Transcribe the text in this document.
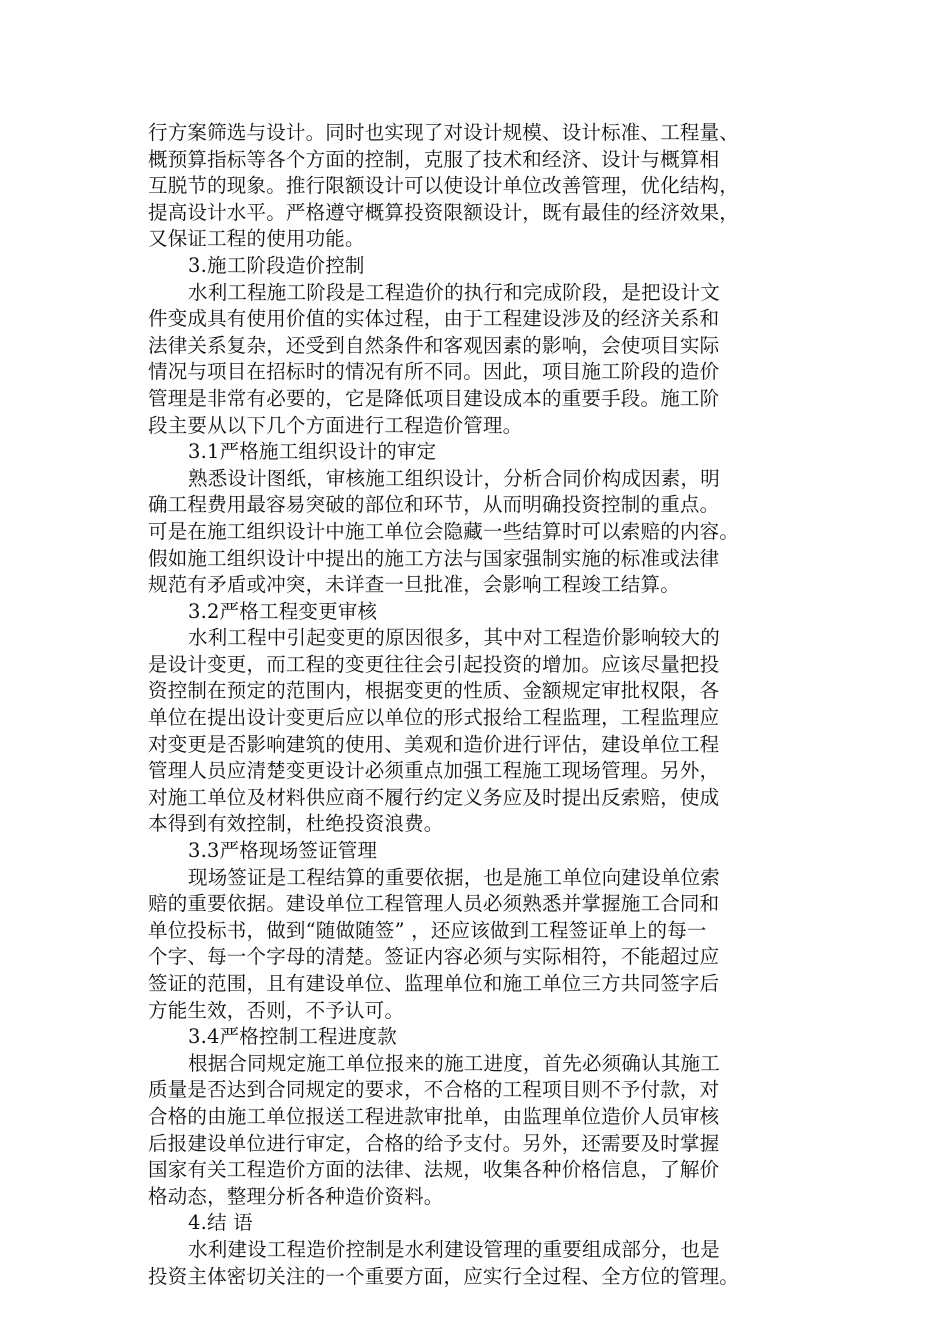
行方案筛选与设计。同时也实现了对设计规模、设计标准、工程量、
概预算指标等各个方面的控制，克服了技术和经济、设计与概算相
互脱节的现象。推行限额设计可以使设计单位改善管理，优化结构，
提高设计水平。严格遵守概算投资限额设计，既有最佳的经济效果，
又保证工程的使用功能。
3.施工阶段造价控制
水利工程施工阶段是工程造价的执行和完成阶段，是把设计文
件变成具有使用价值的实体过程，由于工程建设涉及的经济关系和
法律关系复杂，还受到自然条件和客观因素的影响，会使项目实际
情况与项目在招标时的情况有所不同。因此，项目施工阶段的造价
管理是非常有必要的，它是降低项目建设成本的重要手段。施工阶
段主要从以下几个方面进行工程造价管理。
3.1严格施工组织设计的审定
熟悉设计图纸，审核施工组织设计，分析合同价构成因素，明
确工程费用最容易突破的部位和环节，从而明确投资控制的重点。
可是在施工组织设计中施工单位会隐藏一些结算时可以索赔的内容。
假如施工组织设计中提出的施工方法与国家强制实施的标准或法律
规范有矛盾或冲突，未详查一旦批准，会影响工程竣工结算。
3.2严格工程变更审核
水利工程中引起变更的原因很多，其中对工程造价影响较大的
是设计变更，而工程的变更往往会引起投资的增加。应该尽量把投
资控制在预定的范围内，根据变更的性质、金额规定审批权限，各
单位在提出设计变更后应以单位的形式报给工程监理，工程监理应
对变更是否影响建筑的使用、美观和造价进行评估，建设单位工程
管理人员应清楚变更设计必须重点加强工程施工现场管理。另外，
对施工单位及材料供应商不履行约定义务应及时提出反索赔，使成
本得到有效控制，杜绝投资浪费。
3.3严格现场签证管理
现场签证是工程结算的重要依据，也是施工单位向建设单位索
赔的重要依据。建设单位工程管理人员必须熟悉并掌握施工合同和
单位投标书，做到“随做随签” ，还应该做到工程签证单上的每一
个字、每一个字母的清楚。签证内容必须与实际相符，不能超过应
签证的范围，且有建设单位、监理单位和施工单位三方共同签字后
方能生效，否则，不予认可。
3.4严格控制工程进度款
根据合同规定施工单位报来的施工进度，首先必须确认其施工
质量是否达到合同规定的要求，不合格的工程项目则不予付款，对
合格的由施工单位报送工程进款审批单，由监理单位造价人员审核
后报建设单位进行审定，合格的给予支付。另外，还需要及时掌握
国家有关工程造价方面的法律、法规，收集各种价格信息，了解价
格动态，整理分析各种造价资料。
4.结 语
水利建设工程造价控制是水利建设管理的重要组成部分，也是
投资主体密切关注的一个重要方面，应实行全过程、全方位的管理。
